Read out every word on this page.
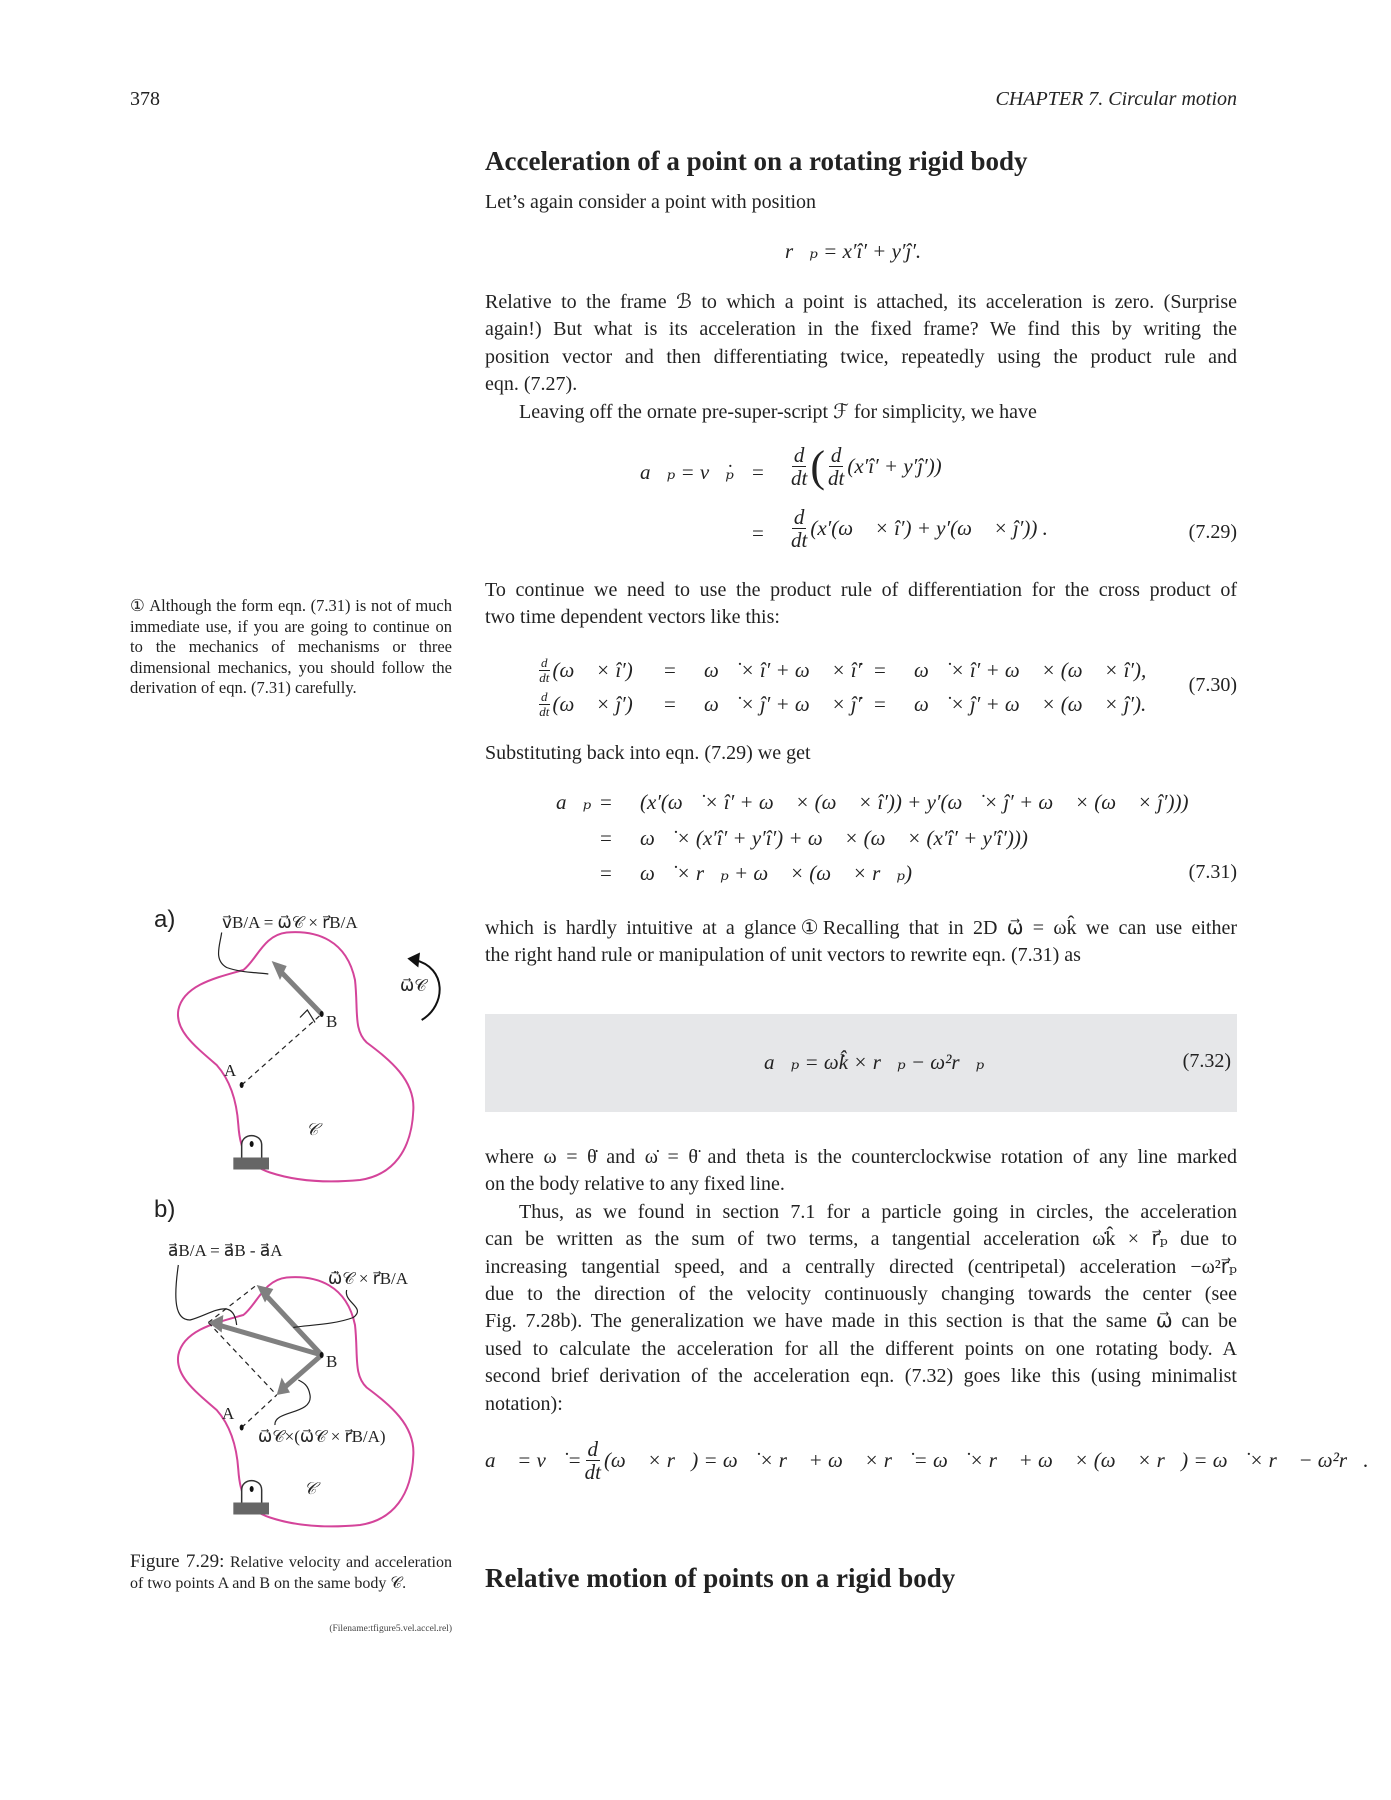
378	CHAPTER 7. Circular motion
Acceleration of a point on a rotating rigid body
Let’s again consider a point with position
r⃗ₚ = x′î′ + y′ĵ′.
Relative to the frame ℬ to which a point is attached, its acceleration is zero. (Surprise
again!) But what is its acceleration in the fixed frame? We find this by writing the
position vector and then differentiating twice, repeatedly using the product rule and
eqn. (7.27).
Leaving off the ornate pre-super-script ℱ for simplicity, we have
a⃗ₚ = v⃗̇ₚ = $\frac{d}{dt}$ ( $\frac{d}{dt}$ (x′î′ + y′ĵ′))
= $\frac{d}{dt}$ (x′(ω⃗ × î′) + y′(ω⃗ × ĵ′)) .	(7.29)
To continue we need to use the product rule of differentiation for the cross product of
two time dependent vectors like this:
$\frac{d}{dt}$ (ω⃗ × î′) = ω⃗̇ × î′ + ω⃗ × î̇′ = ω⃗̇ × î′ + ω⃗ × (ω⃗ × î′),
$\frac{d}{dt}$ (ω⃗ × ĵ′) = ω⃗̇ × ĵ′ + ω⃗ × ĵ̇′ = ω⃗̇ × ĵ′ + ω⃗ × (ω⃗ × ĵ′).
(7.30)
Substituting back into eqn. (7.29) we get
a⃗ₚ = (x′(ω⃗̇ × î′ + ω⃗ × (ω⃗ × î′)) + y′(ω⃗̇ × ĵ′ + ω⃗ × (ω⃗ × ĵ′)))
= ω⃗̇ × (x′î′ + y′î′) + ω⃗ × (ω⃗ × (x′î′ + y′î′)))
= ω⃗̇ × r⃗ₚ + ω⃗ × (ω⃗ × r⃗ₚ)	(7.31)
which is hardly intuitive at a glance①Recalling that in 2D ω⃗ = ωk̂ we can use either
the right hand rule or manipulation of unit vectors to rewrite eqn. (7.31) as
a⃗ₚ = ω̇k̂ × r⃗ₚ − ω²r⃗ₚ	(7.32)
where ω = θ̇ and ω̇ = θ̈ and theta is the counterclockwise rotation of any line marked
on the body relative to any fixed line.
Thus, as we found in section 7.1 for a particle going in circles, the acceleration
can be written as the sum of two terms, a tangential acceleration ω̇k̂ × r⃗ₚ due to
increasing tangential speed, and a centrally directed (centripetal) acceleration −ω²r⃗ₚ
due to the direction of the velocity continuously changing towards the center (see
Fig. 7.28b). The generalization we have made in this section is that the same ω⃗ can be
used to calculate the acceleration for all the different points on one rotating body. A
second brief derivation of the acceleration eqn. (7.32) goes like this (using minimalist
notation):
a⃗ = v⃗̇ = $\frac{d}{dt}$ (ω⃗ × r⃗) = ω⃗̇ × r⃗ + ω⃗ × r⃗̇ = ω⃗̇ × r⃗ + ω⃗ × (ω⃗ × r⃗) = ω⃗̇ × r⃗ − ω²r⃗.
Relative motion of points on a rigid body
① Although the form eqn. (7.31) is not of much immediate use, if you are going to continue on to the mechanics of mechanisms or three dimensional mechanics, you should follow the derivation of eqn. (7.31) carefully.
a)	v⃗B/A = ω⃗𝒞 × r⃗B/A
ω⃗𝒞
B
A
𝒞
b)
a⃗B/A = a⃗B - a⃗A
ω⃗̇𝒞 × r⃗B/A
B
A
ω⃗𝒞×(ω⃗𝒞 × r⃗B/A)
𝒞
Figure 7.29: Relative velocity and acceleration of two points A and B on the same body 𝒞.
(Filename:tfigure5.vel.accel.rel)
